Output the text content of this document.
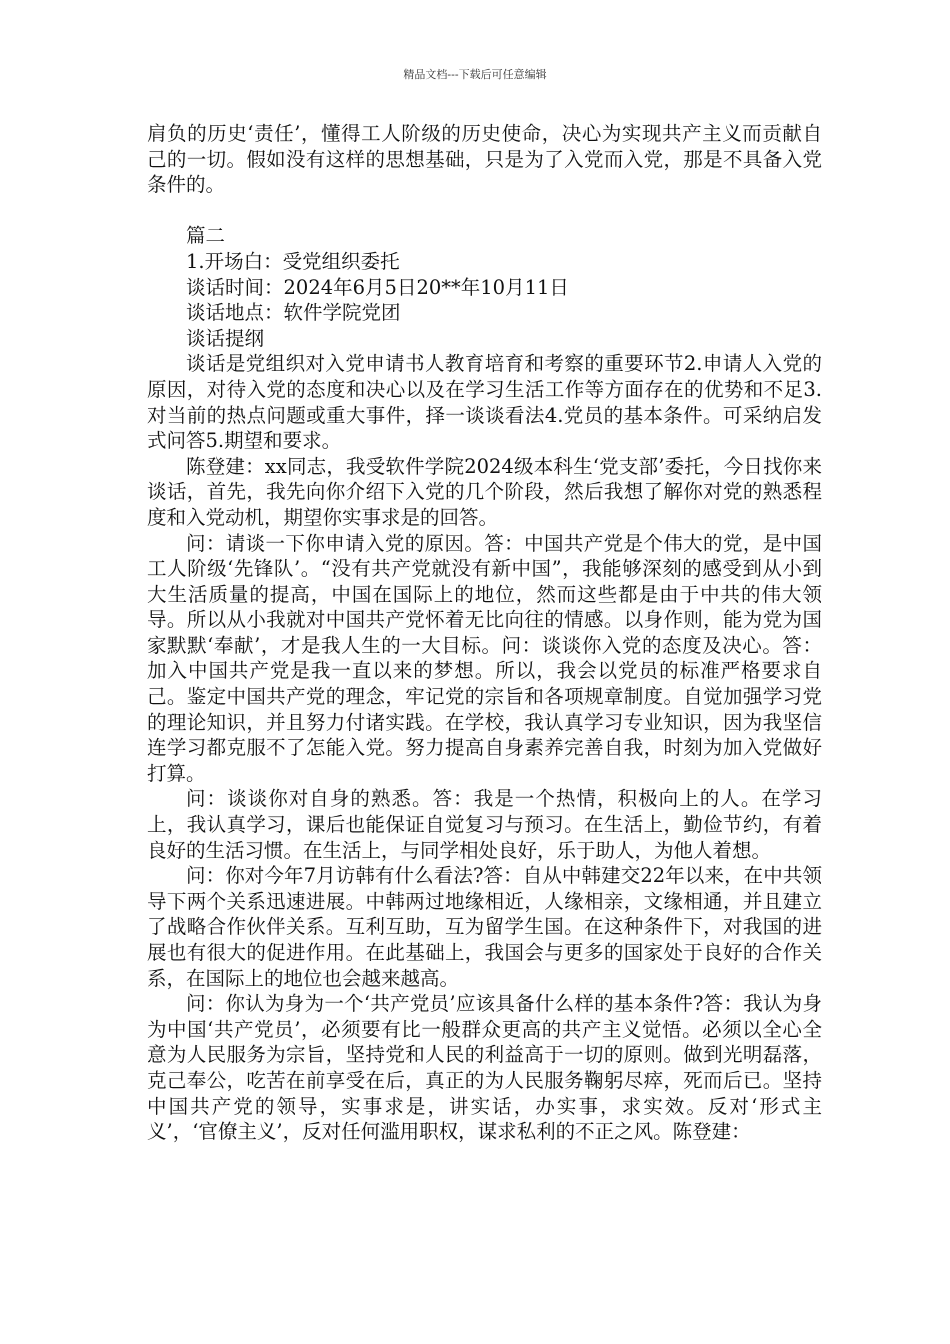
精品文档---下载后可任意编辑

肩负的历史‘责任’，懂得工人阶级的历史使命，决心为实现共产主义而贡献自己的一切。假如没有这样的思想基础，只是为了入党而入党，那是不具备入党条件的。

篇二

1.开场白：受党组织委托

谈话时间：2024年6月5日20**年10月11日

谈话地点：软件学院党团

谈话提纲

谈话是党组织对入党申请书人教育培育和考察的重要环节2.申请人入党的原因，对待入党的态度和决心以及在学习生活工作等方面存在的优势和不足3.对当前的热点问题或重大事件，择一谈谈看法4.党员的基本条件。可采纳启发式问答5.期望和要求。

陈登建：xx同志，我受软件学院2024级本科生‘党支部’委托，今日找你来谈话，首先，我先向你介绍下入党的几个阶段，然后我想了解你对党的熟悉程度和入党动机，期望你实事求是的回答。

问：请谈一下你申请入党的原因。答：中国共产党是个伟大的党，是中国工人阶级‘先锋队’。“没有共产党就没有新中国”，我能够深刻的感受到从小到大生活质量的提高，中国在国际上的地位，然而这些都是由于中共的伟大领导。所以从小我就对中国共产党怀着无比向往的情感。以身作则，能为党为国家默默‘奉献’，才是我人生的一大目标。问：谈谈你入党的态度及决心。答：加入中国共产党是我一直以来的梦想。所以，我会以党员的标准严格要求自己。鉴定中国共产党的理念，牢记党的宗旨和各项规章制度。自觉加强学习党的理论知识，并且努力付诸实践。在学校，我认真学习专业知识，因为我坚信连学习都克服不了怎能入党。努力提高自身素养完善自我，时刻为加入党做好打算。

问：谈谈你对自身的熟悉。答：我是一个热情，积极向上的人。在学习上，我认真学习，课后也能保证自觉复习与预习。在生活上，勤俭节约，有着良好的生活习惯。在生活上，与同学相处良好，乐于助人，为他人着想。

问：你对今年7月访韩有什么看法?答：自从中韩建交22年以来，在中共领导下两个关系迅速进展。中韩两过地缘相近，人缘相亲，文缘相通，并且建立了战略合作伙伴关系。互利互助，互为留学生国。在这种条件下，对我国的进展也有很大的促进作用。在此基础上，我国会与更多的国家处于良好的合作关系，在国际上的地位也会越来越高。

问：你认为身为一个‘共产党员’应该具备什么样的基本条件?答：我认为身为中国‘共产党员’，必须要有比一般群众更高的共产主义觉悟。必须以全心全意为人民服务为宗旨，坚持党和人民的利益高于一切的原则。做到光明磊落，克己奉公，吃苦在前享受在后，真正的为人民服务鞠躬尽瘁，死而后已。坚持中国共产党的领导，实事求是，讲实话，办实事，求实效。反对‘形式主义’，‘官僚主义’，反对任何滥用职权，谋求私利的不正之风。陈登建：
